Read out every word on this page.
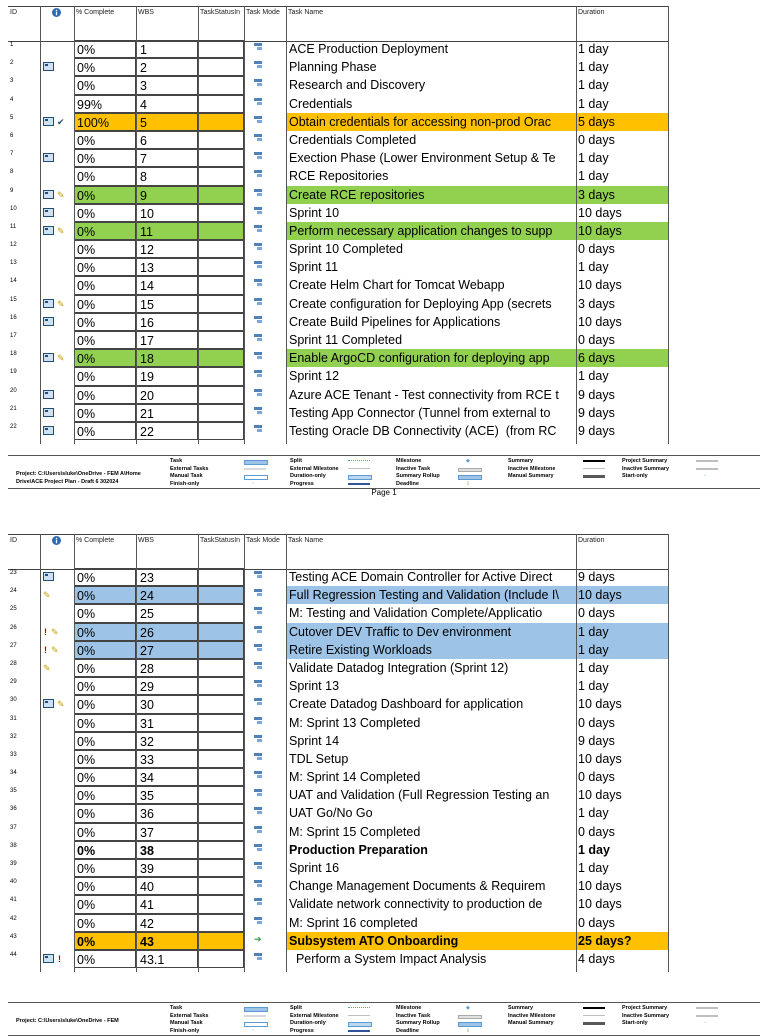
ID	% Complete	WBS	TaskStatusIn Task Mode Task Name	Duration
1	0%	1	ACE Production Deployment	1 day
2	0%	2	Planning Phase	1 day
3	0%	3	Research and Discovery	1 day
4	99%	4	Credentials	1 day
5	✔ 100%	5	Obtain credentials for accessing non-prod Orac	5 days
6	0%	6	Credentials Completed	0 days
7	0%	7	Exection Phase (Lower Environment Setup & Te	1 day
8	0%	8	RCE Repositories	1 day
9	✎ 0%	9	Create RCE repositories	3 days
10	0%	10	Sprint 10	10 days
11	✎ 0%	11	Perform necessary application changes to supp	10 days
12	0%	12	Sprint 10 Completed	0 days
13	0%	13	Sprint 11	1 day
14	0%	14	Create Helm Chart for Tomcat Webapp	10 days
15	✎ 0%	15	Create configuration for Deploying App (secrets	3 days
16	0%	16	Create Build Pipelines for Applications	10 days
17	0%	17	Sprint 11 Completed	0 days
18	✎ 0%	18	Enable ArgoCD configuration for deploying app	6 days
19	0%	19	Sprint 12	1 day
20	0%	20	Azure ACE Tenant - Test connectivity from RCE t	9 days
21	0%	21	Testing App Connector (Tunnel from external to	9 days
22	0%	22	Testing Oracle DB Connectivity (ACE)  (from RC	9 days
Project: C:\Users\sluke\OneDrive - FEM A\Home Drive\ACE Project Plan - Draft 6 302024
Task
External Tasks
Manual Task
Finish-only	▫
Split
External Milestone
Duration-only
Progress
Milestone	◆
Inactive Task
Summary Rollup
Deadline	⇩
Summary
Inactive Milestone
Manual Summary
Project Summary
Inactive Summary
Start-only	▫
Page 1
ID	% Complete	WBS	TaskStatusIn Task Mode Task Name	Duration
23	0%	23	Testing ACE Domain Controller for Active Direct	9 days
24	✎ 0%	24	Full Regression Testing and Validation (Include I\	10 days
25	0%	25	M: Testing and Validation Complete/Applicatio	0 days
26	! ✎ 0%	26	Cutover DEV Traffic to Dev environment	1 day
27	! ✎ 0%	27	Retire Existing Workloads	1 day
28	✎ 0%	28	Validate Datadog Integration (Sprint 12)	1 day
29	0%	29	Sprint 13	1 day
30	✎ 0%	30	Create Datadog Dashboard for application	10 days
31	0%	31	M: Sprint 13 Completed	0 days
32	0%	32	Sprint 14	9 days
33	0%	33	TDL Setup	10 days
34	0%	34	M: Sprint 14 Completed	0 days
35	0%	35	UAT and Validation (Full Regression Testing an	10 days
36	0%	36	UAT Go/No Go	1 day
37	0%	37	M: Sprint 15 Completed	0 days
38	0%	38	Production Preparation	1 day
39	0%	39	Sprint 16	1 day
40	0%	40	Change Management Documents & Requirem	10 days
41	0%	41	Validate network connectivity to production de	10 days
42	0%	42	M: Sprint 16 completed	0 days
43	0%	43	➔ Subsystem ATO Onboarding	25 days?
44	! 0%	43.1	Perform a System Impact Analysis	4 days
Project: C:\Users\sluke\OneDrive - FEM
Task
External Tasks
Manual Task
Finish-only	▫
Split
External Milestone
Duration-only
Progress
Milestone	◆
Inactive Task
Summary Rollup
Deadline	⇩
Summary
Inactive Milestone
Manual Summary
Project Summary
Inactive Summary
Start-only	▫
